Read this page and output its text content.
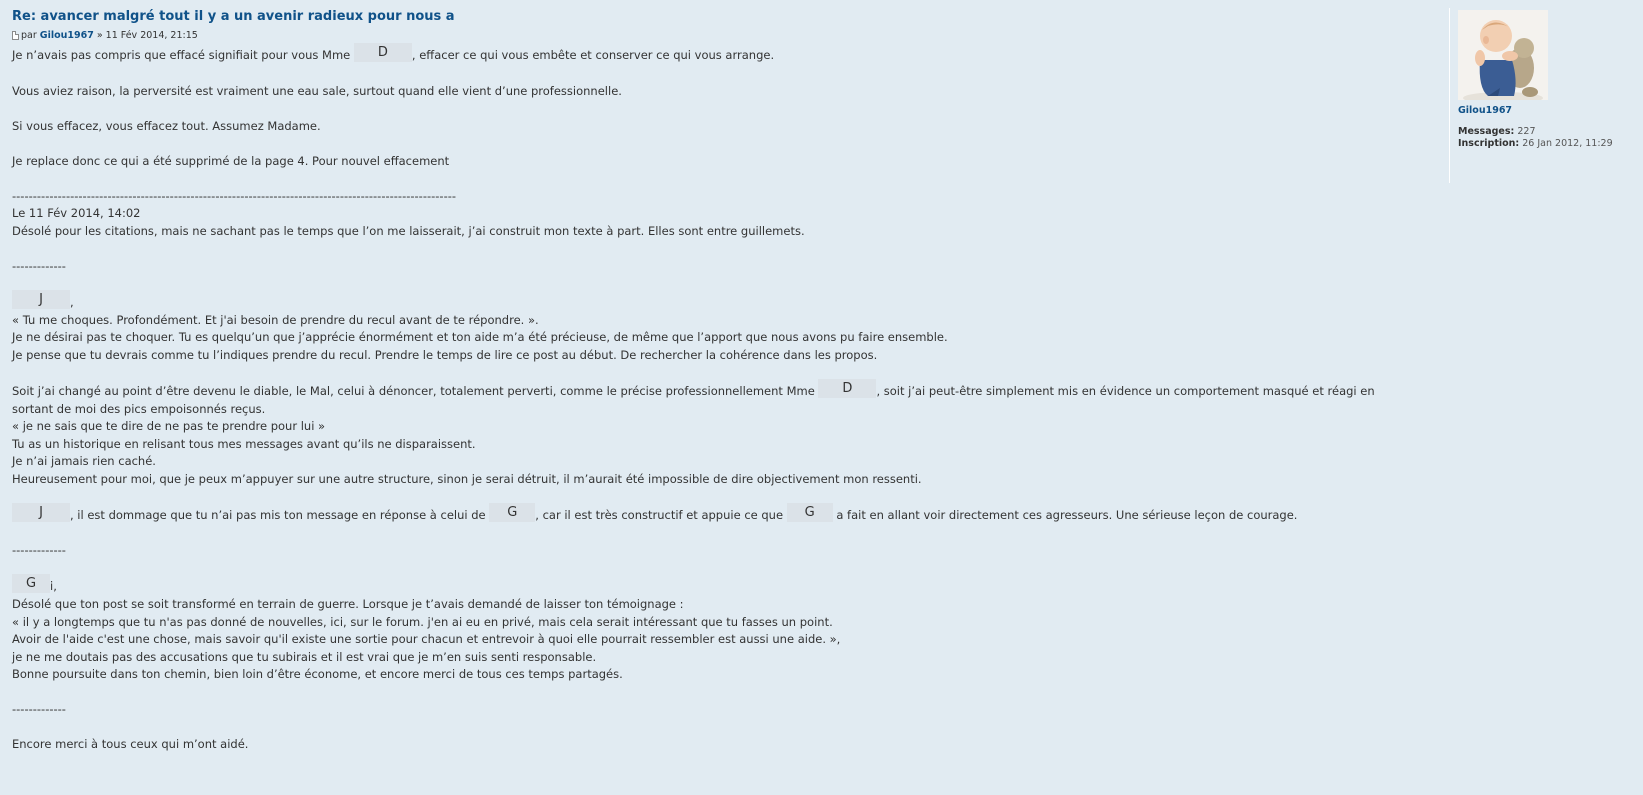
Re: avancer malgré tout il y a un avenir radieux pour nous a
par
Gilou1967 » 11 Fév 2014, 21:15

Je n’avais pas compris que effacé signifiait pour vous Mme D , effacer ce qui vous embête et conserver ce qui vous arrange.

Vous aviez raison, la perversité est vraiment une eau sale, surtout quand elle vient d’une professionnelle.

Si vous effacez, vous effacez tout. Assumez Madame.

Je replace donc ce qui a été supprimé de la page 4. Pour nouvel effacement

-----------------------------------------------------------------------------------------------------------

Le 11 Fév 2014, 14:02

Désolé pour les citations, mais ne sachant pas le temps que l’on me laisserait, j’ai construit mon texte à part. Elles sont entre guillemets.

-------------

J ,

« Tu me choques. Profondément. Et j'ai besoin de prendre du recul avant de te répondre. ».

Je ne désirai pas te choquer. Tu es quelqu’un que j’apprécie énormément et ton aide m’a été précieuse, de même que l’apport que nous avons pu faire ensemble.

Je pense que tu devrais comme tu l’indiques prendre du recul. Prendre le temps de lire ce post au début. De rechercher la cohérence dans les propos.

Soit j’ai changé au point d’être devenu le diable, le Mal, celui à dénoncer, totalement perverti, comme le précise professionnellement Mme D , soit j’ai peut-être simplement mis en évidence un comportement masqué et réagi en

sortant de moi des pics empoisonnés reçus.

« je ne sais que te dire de ne pas te prendre pour lui »

Tu as un historique en relisant tous mes messages avant qu’ils ne disparaissent.

Je n’ai jamais rien caché.

Heureusement pour moi, que je peux m’appuyer sur une autre structure, sinon je serai détruit, il m’aurait été impossible de dire objectivement mon ressenti.

J , il est dommage que tu n’ai pas mis ton message en réponse à celui de G , car il est très constructif et appuie ce que G a fait en allant voir directement ces agresseurs. Une sérieuse leçon de courage.

-------------

G i,

Désolé que ton post se soit transformé en terrain de guerre. Lorsque je t’avais demandé de laisser ton témoignage :

« il y a longtemps que tu n'as pas donné de nouvelles, ici, sur le forum. j'en ai eu en privé, mais cela serait intéressant que tu fasses un point.

Avoir de l'aide c'est une chose, mais savoir qu'il existe une sortie pour chacun et entrevoir à quoi elle pourrait ressembler est aussi une aide. »,

je ne me doutais pas des accusations que tu subirais et il est vrai que je m’en suis senti responsable.

Bonne poursuite dans ton chemin, bien loin d’être économe, et encore merci de tous ces temps partagés.

-------------

Encore merci à tous ceux qui m’ont aidé.

Gilou1967
Messages: 227
Inscription: 26 Jan 2012, 11:29
